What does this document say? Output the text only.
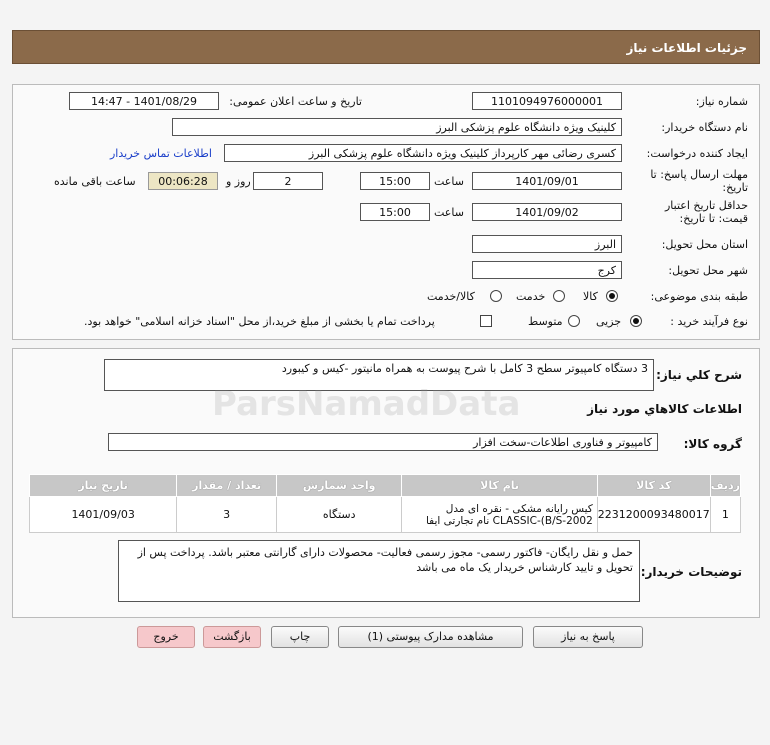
جزئیات اطلاعات نیاز
شماره نیاز:
1101094976000001
تاریخ و ساعت اعلان عمومی:
1401/08/29 - 14:47
نام دستگاه خریدار:
کلینیک ویژه دانشگاه علوم پزشکی البرز
ایجاد کننده درخواست:
کسری رضائی مهر کارپرداز کلینیک ویژه دانشگاه علوم پزشکی البرز
اطلاعات تماس خریدار
مهلت ارسال پاسخ: تا
تاریخ:
1401/09/01
ساعت
15:00
2
روز و
00:06:28
ساعت باقی مانده
حداقل تاریخ اعتبار
قیمت: تا تاریخ:
1401/09/02
ساعت
15:00
استان محل تحویل:
البرز
شهر محل تحویل:
کرج
طبقه بندی موضوعی:
کالا
خدمت
کالا/خدمت
نوع فرآیند خرید :
جزیی
متوسط
پرداخت تمام یا بخشی از مبلغ خرید،از محل "اسناد خزانه اسلامی" خواهد بود.
شرح کلي نياز:
3 دستگاه کامپیوتر سطح 3 کامل با شرح پیوست به همراه مانیتور -کیس و کیبورد
اطلاعات کالاهاي مورد نياز
گروه کالا:
کامپیوتر و فناوری اطلاعات-سخت افزار
ردیف	کد کالا	نام کالا	واحد شمارش	تعداد / مقدار	تاریخ نیاز
1	2231200093480017	کیس رایانه مشکی - نقره ای مدل CLASSIC-(B/S-2002 نام تجارتی ایفا	دستگاه	3	1401/09/03
توضیحات خریدار:
حمل و نقل رایگان- فاکتور رسمی- مجوز رسمی فعالیت- محصولات دارای گارانتی معتبر باشد. پرداخت پس از تحویل و تایید کارشناس خریدار یک ماه می باشد
ParsNamadData
پاسخ به نیاز
مشاهده مدارک پیوستی (1)
چاپ
بازگشت
خروج
